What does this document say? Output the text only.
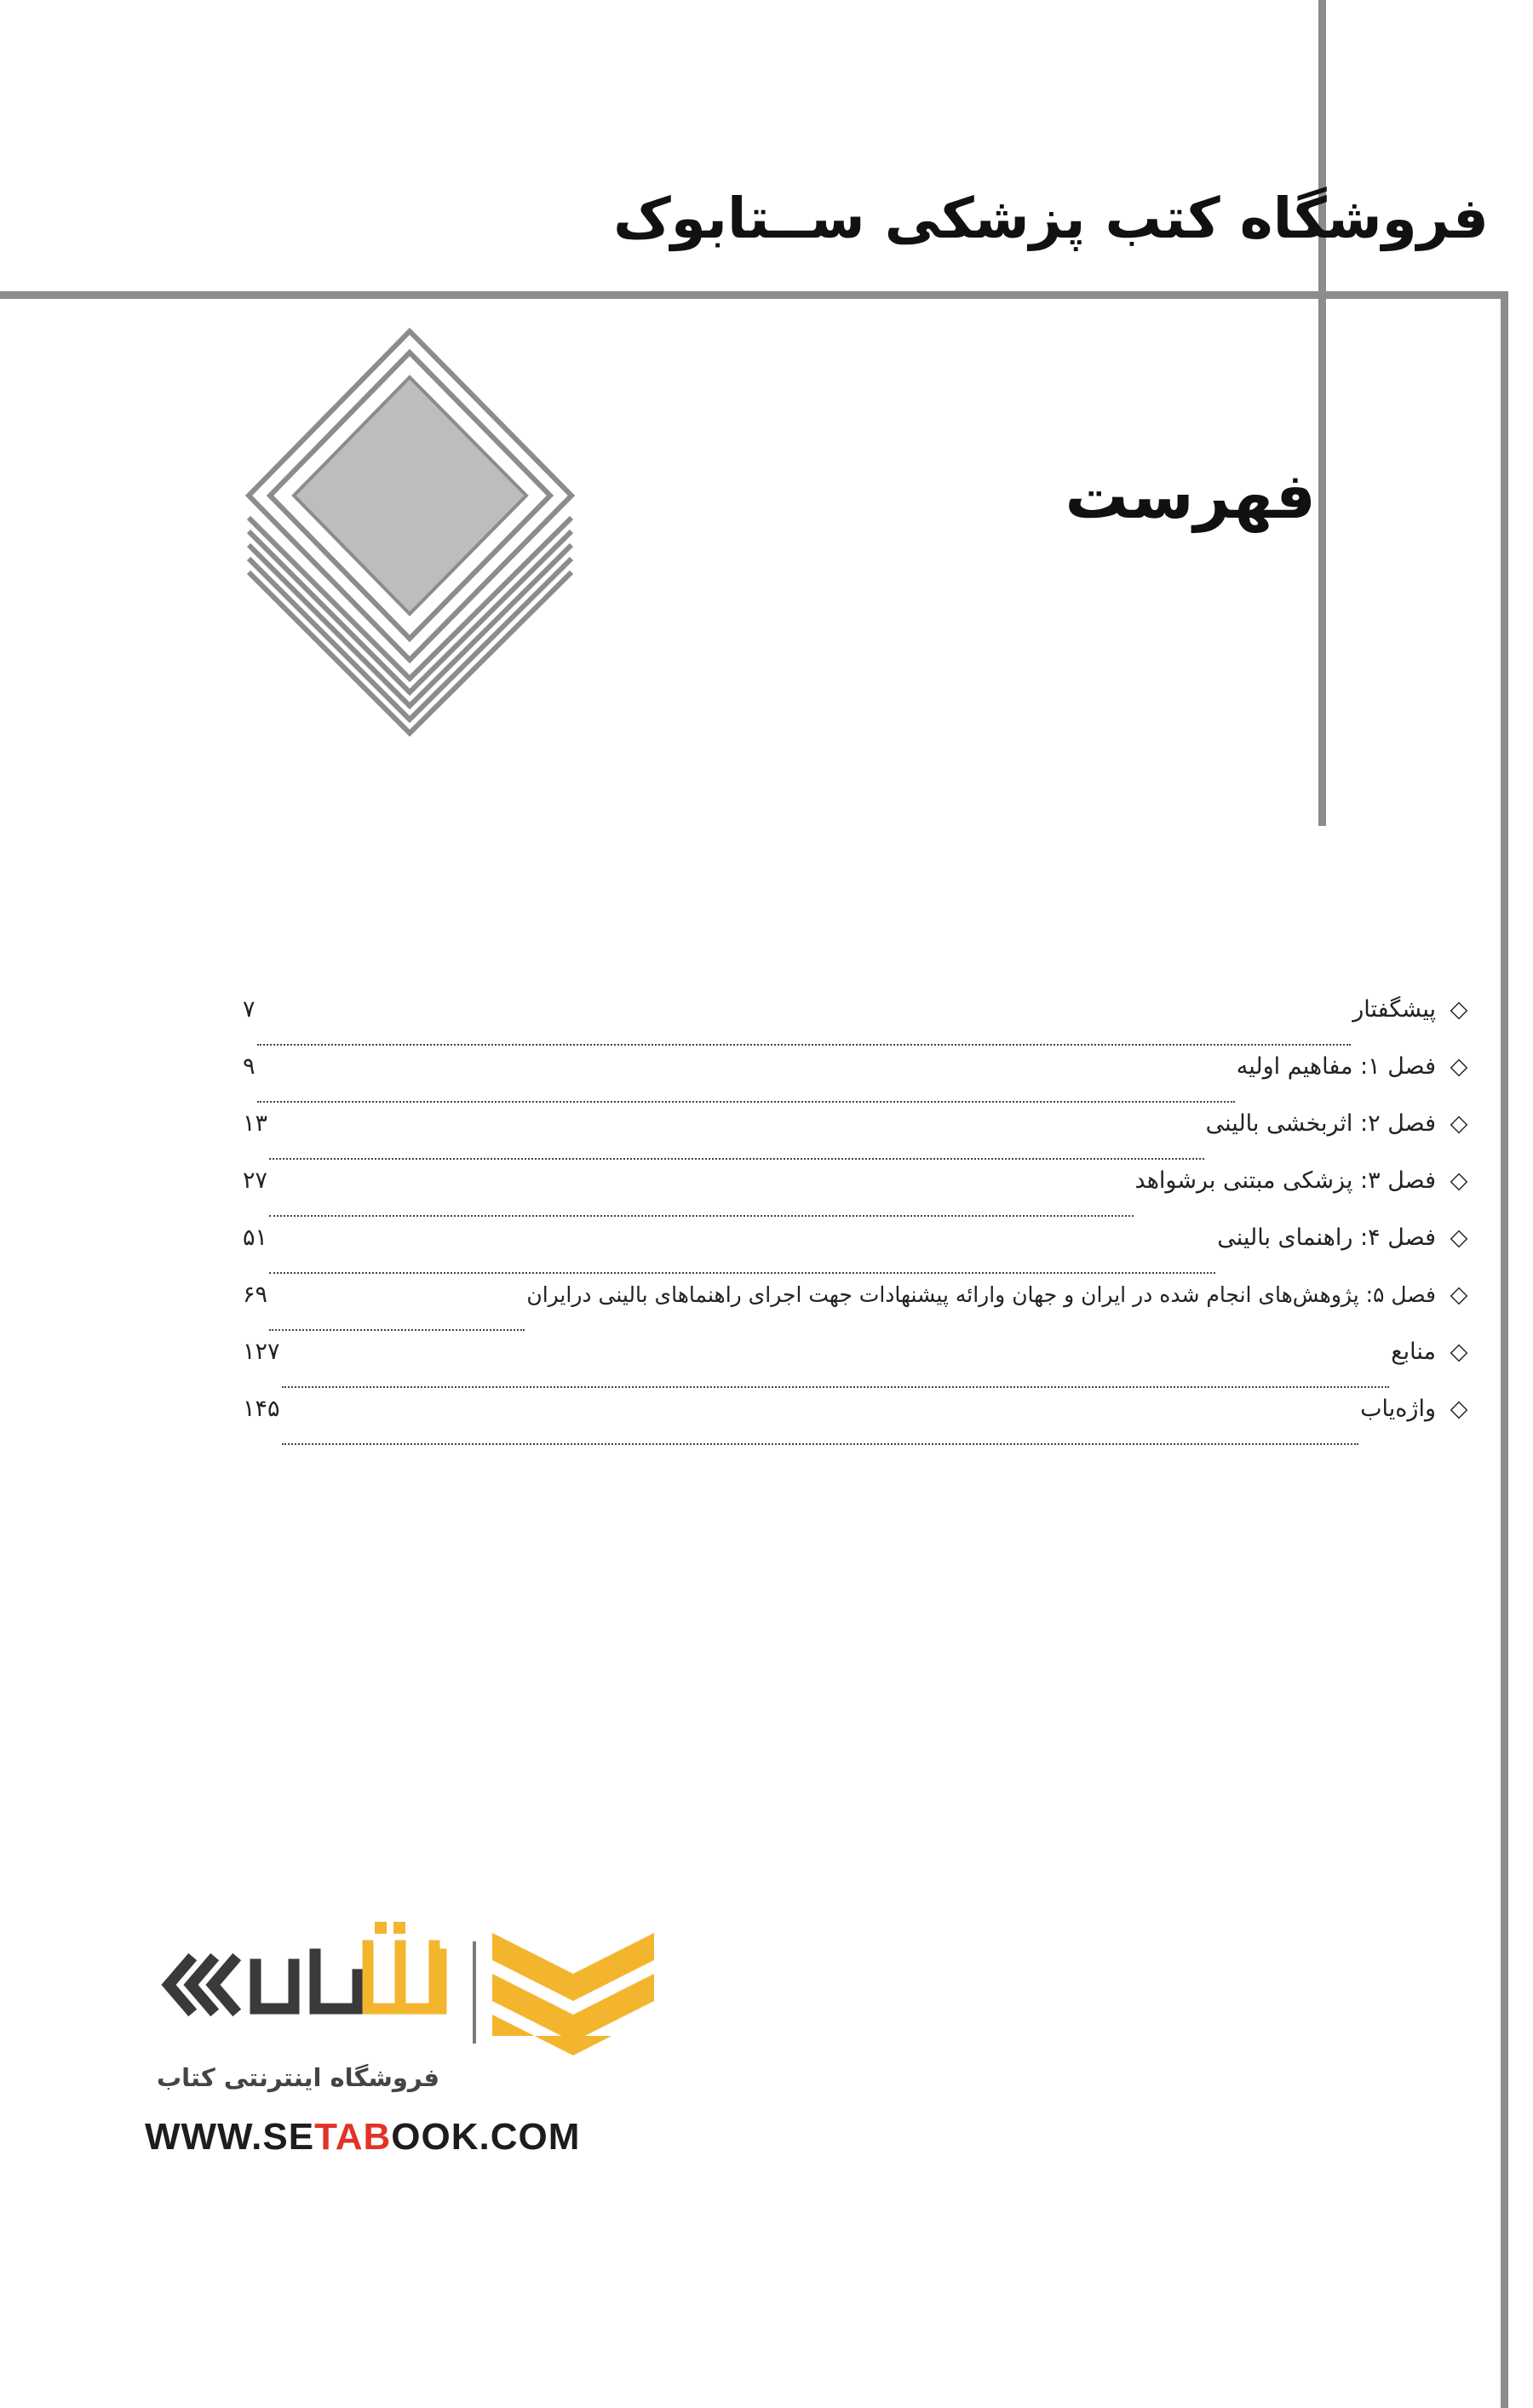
فروشگاه کتب پزشکی ســتابوک
فهرست
◇
پیشگفتار
۷
◇
فصل ۱: مفاهیم اولیه
۹
◇
فصل ۲: اثربخشی بالینی
۱۳
◇
فصل ۳: پزشکی مبتنی برشواهد
۲۷
◇
فصل ۴: راهنمای بالینی
۵۱
◇
فصل ۵: پژوهش‌های انجام شده در ایران و جهان وارائه پیشنهادات جهت اجرای راهنماهای بالینی درایران
۶۹
◇
منابع
۱۲۷
◇
واژه‌یاب
۱۴۵
فروشگاه اینترنتی کتاب
WWW.SETABOOK.COM
